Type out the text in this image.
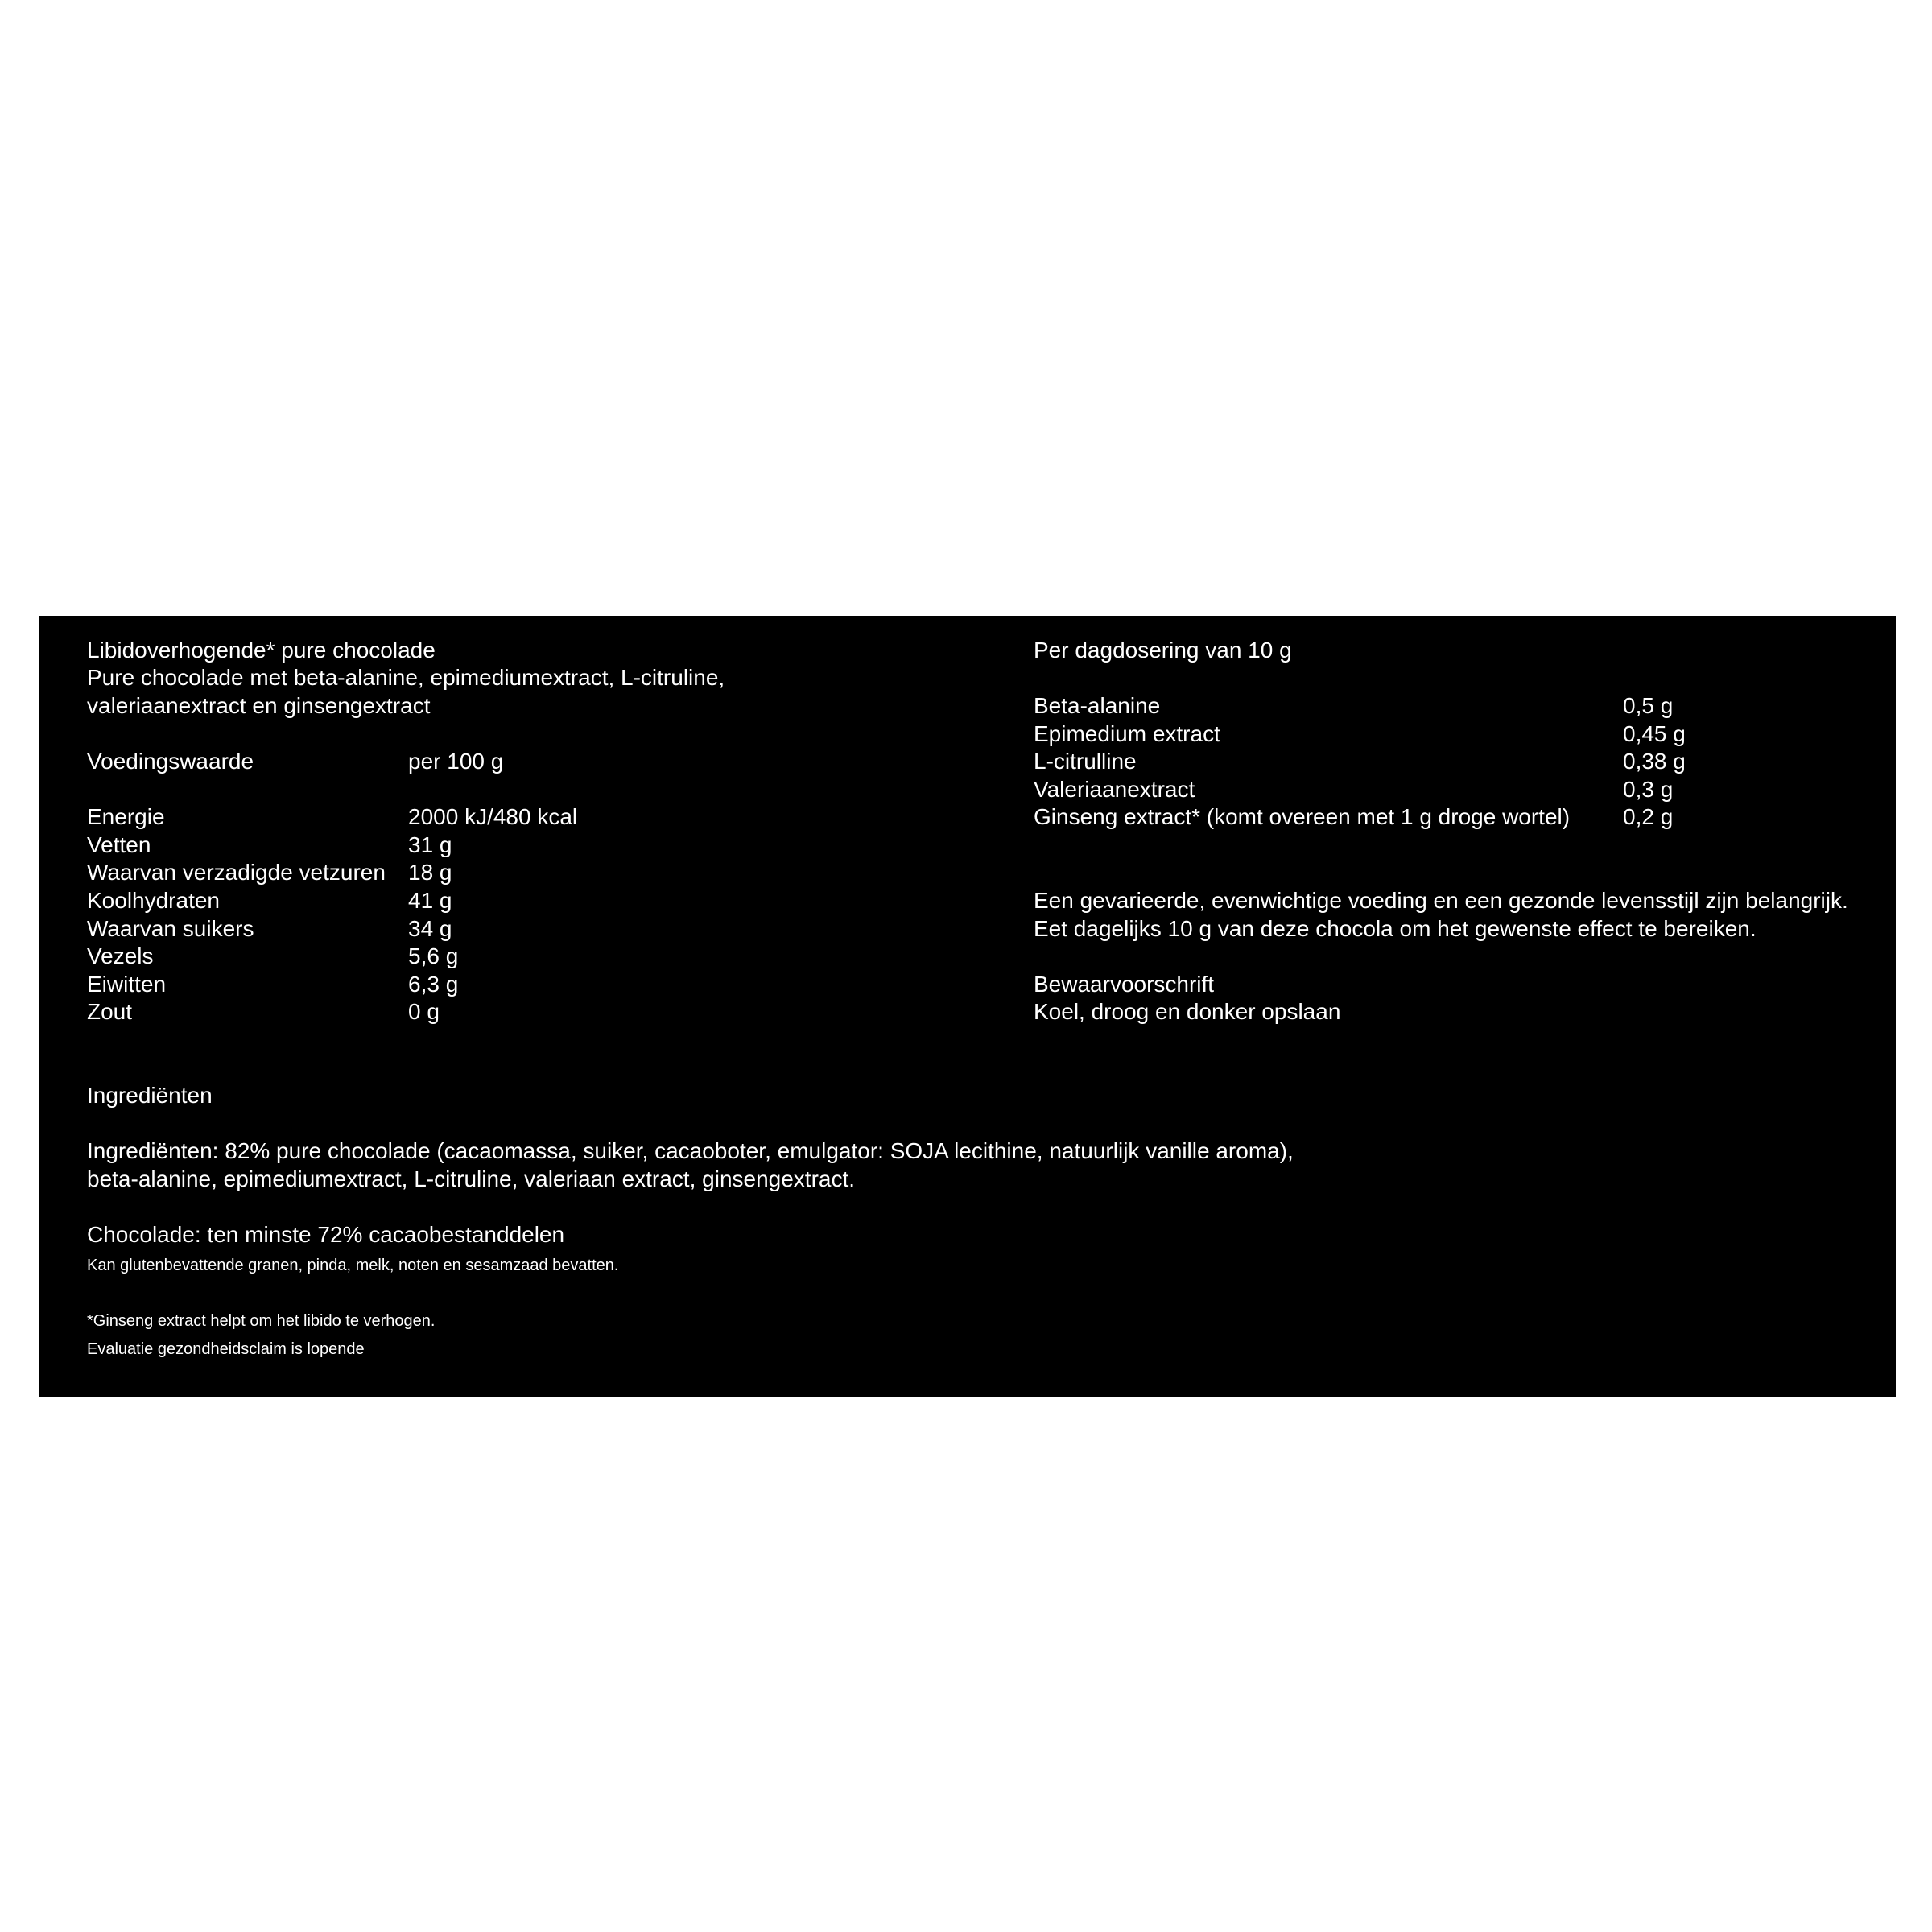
Libidoverhogende* pure chocolade
Pure chocolade met beta-alanine, epimediumextract, L-citruline,
valeriaanextract en ginsengextract
Voedingswaarde	per 100 g
Energie	2000 kJ/480 kcal
Vetten	31 g
Waarvan verzadigde vetzuren 18 g
Koolhydraten	41 g
Waarvan suikers	34 g
Vezels	5,6 g
Eiwitten	6,3 g
Zout	0 g
Per dagdosering van 10 g
Beta-alanine	0,5 g
Epimedium extract	0,45 g
L-citrulline	0,38 g
Valeriaanextract	0,3 g
Ginseng extract* (komt overeen met 1 g droge wortel) 0,2 g
Een gevarieerde, evenwichtige voeding en een gezonde levensstijl zijn belangrijk.
Eet dagelijks 10 g van deze chocola om het gewenste effect te bereiken.
Bewaarvoorschrift
Koel, droog en donker opslaan
Ingrediënten
Ingrediënten: 82% pure chocolade (cacaomassa, suiker, cacaoboter, emulgator: SOJA lecithine, natuurlijk vanille aroma),
beta-alanine, epimediumextract, L-citruline, valeriaan extract, ginsengextract.
Chocolade: ten minste 72% cacaobestanddelen
Kan glutenbevattende granen, pinda, melk, noten en sesamzaad bevatten.
*Ginseng extract helpt om het libido te verhogen.
Evaluatie gezondheidsclaim is lopende
